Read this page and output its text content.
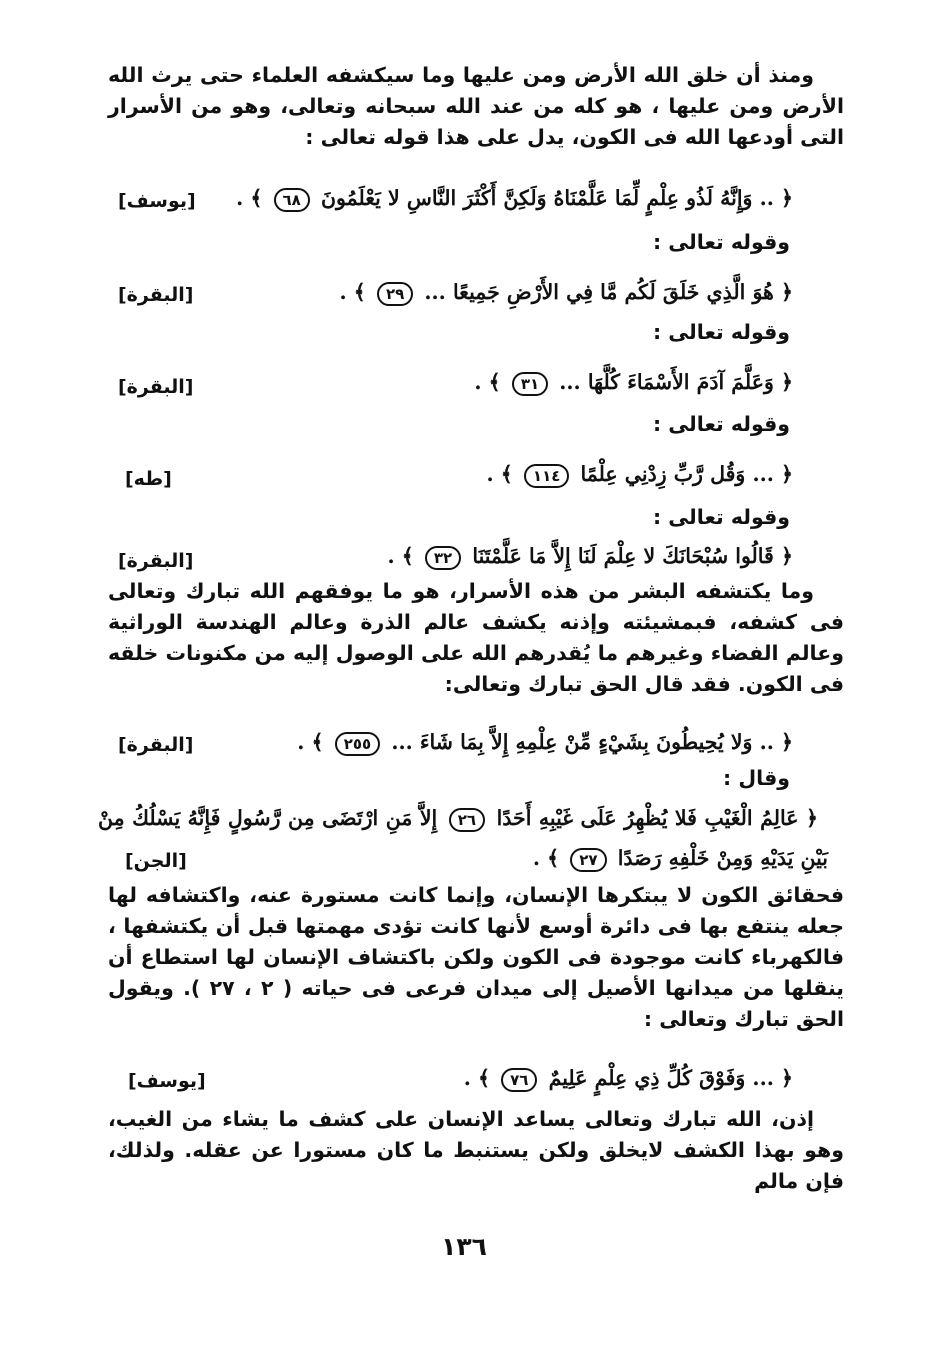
ومنذ أن خلق الله الأرض ومن عليها وما سيكشفه العلماء حتى يرث الله الأرض ومن عليها ، هو كله من عند الله سبحانه وتعالى، وهو من الأسرار التى أودعها الله فى الكون، يدل على هذا قوله تعالى :

﴿ .. وَإِنَّهُ لَذُو عِلْمٍ لِّمَا عَلَّمْنَاهُ وَلَكِنَّ أَكْثَرَ النَّاسِ لا يَعْلَمُونَ ٦٨ ﴾ .
[يوسف]
وقوله تعالى :
﴿ هُوَ الَّذِي خَلَقَ لَكُم مَّا فِي الأَرْضِ جَمِيعًا ... ٢٩ ﴾ .
[البقرة]
وقوله تعالى :
﴿ وَعَلَّمَ آدَمَ الأَسْمَاءَ كُلَّهَا ... ٣١ ﴾ .
[البقرة]
وقوله تعالى :
﴿ ... وَقُل رَّبِّ زِدْنِي عِلْمًا ١١٤ ﴾ .
[طه]
وقوله تعالى :
﴿ قَالُوا سُبْحَانَكَ لا عِلْمَ لَنَا إِلاَّ مَا عَلَّمْتَنَا ٣٢ ﴾ .
[البقرة]

وما يكتشفه البشر من هذه الأسرار، هو ما يوفقهم الله تبارك وتعالى فى كشفه، فبمشيئته وإذنه يكشف عالم الذرة وعالم الهندسة الوراثية وعالم الفضاء وغيرهم ما يُقدرهم الله على الوصول إليه من مكنونات خلقه فى الكون. فقد قال الحق تبارك وتعالى:

﴿ .. وَلا يُحِيطُونَ بِشَيْءٍ مِّنْ عِلْمِهِ إِلاَّ بِمَا شَاءَ ... ٢٥٥ ﴾ .
[البقرة]
وقال :
﴿ عَالِمُ الْغَيْبِ فَلا يُظْهِرُ عَلَى غَيْبِهِ أَحَدًا ٢٦ إِلاَّ مَنِ ارْتَضَى مِن رَّسُولٍ فَإِنَّهُ يَسْلُكُ مِنْ
بَيْنِ يَدَيْهِ وَمِنْ خَلْفِهِ رَصَدًا ٢٧ ﴾ .
[الجن]

فحقائق الكون لا يبتكرها الإنسان، وإنما كانت مستورة عنه، واكتشافه لها جعله ينتفع بها فى دائرة أوسع لأنها كانت تؤدى مهمتها قبل أن يكتشفها ، فالكهرباء كانت موجودة فى الكون ولكن باكتشاف الإنسان لها استطاع أن ينقلها من ميدانها الأصيل إلى ميدان فرعى فى حياته ( ٢ ، ٢٧ ). ويقول الحق تبارك وتعالى :

﴿ ... وَفَوْقَ كُلِّ ذِي عِلْمٍ عَلِيمٌ ٧٦ ﴾ .
[يوسف]

إذن، الله تبارك وتعالى يساعد الإنسان على كشف ما يشاء من الغيب، وهو بهذا الكشف لايخلق ولكن يستنبط ما كان مستورا عن عقله. ولذلك، فإن مالم

١٣٦
